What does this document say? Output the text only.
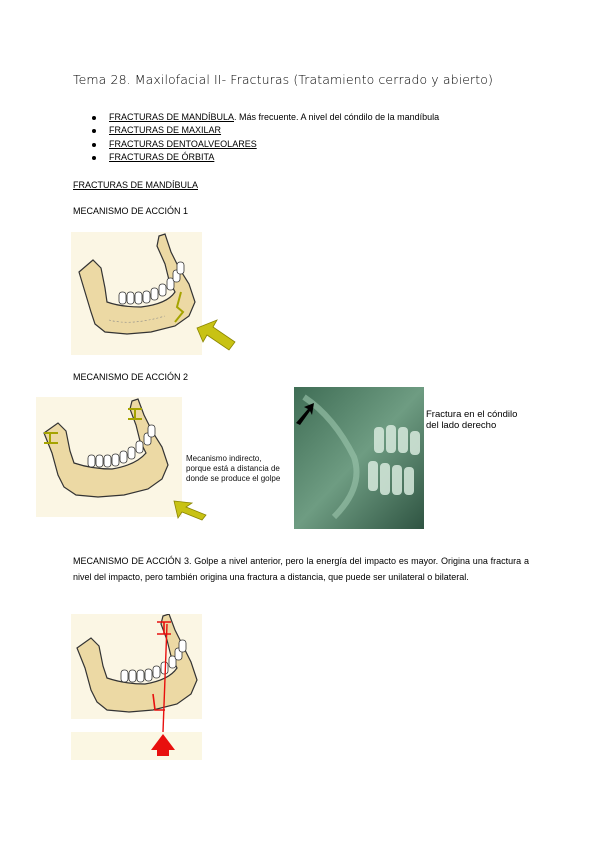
Tema 28. Maxilofacial II- Fracturas (Tratamiento cerrado y abierto)
FRACTURAS DE MANDÍBULA. Más frecuente. A nivel del cóndilo de la mandíbula
FRACTURAS DE MAXILAR
FRACTURAS DENTOALVEOLARES
FRACTURAS DE ÓRBITA
FRACTURAS DE MANDÍBULA
MECANISMO DE ACCIÓN 1
MECANISMO DE ACCIÓN 2
Mecanismo indirecto,
porque está a distancia de
donde se produce el golpe
Fractura en el cóndilo
del lado derecho
MECANISMO DE ACCIÓN 3. Golpe a nivel anterior, pero la energía del impacto es mayor. Origina una fractura a nivel del impacto, pero también origina una fractura a distancia, que puede ser unilateral o bilateral.
